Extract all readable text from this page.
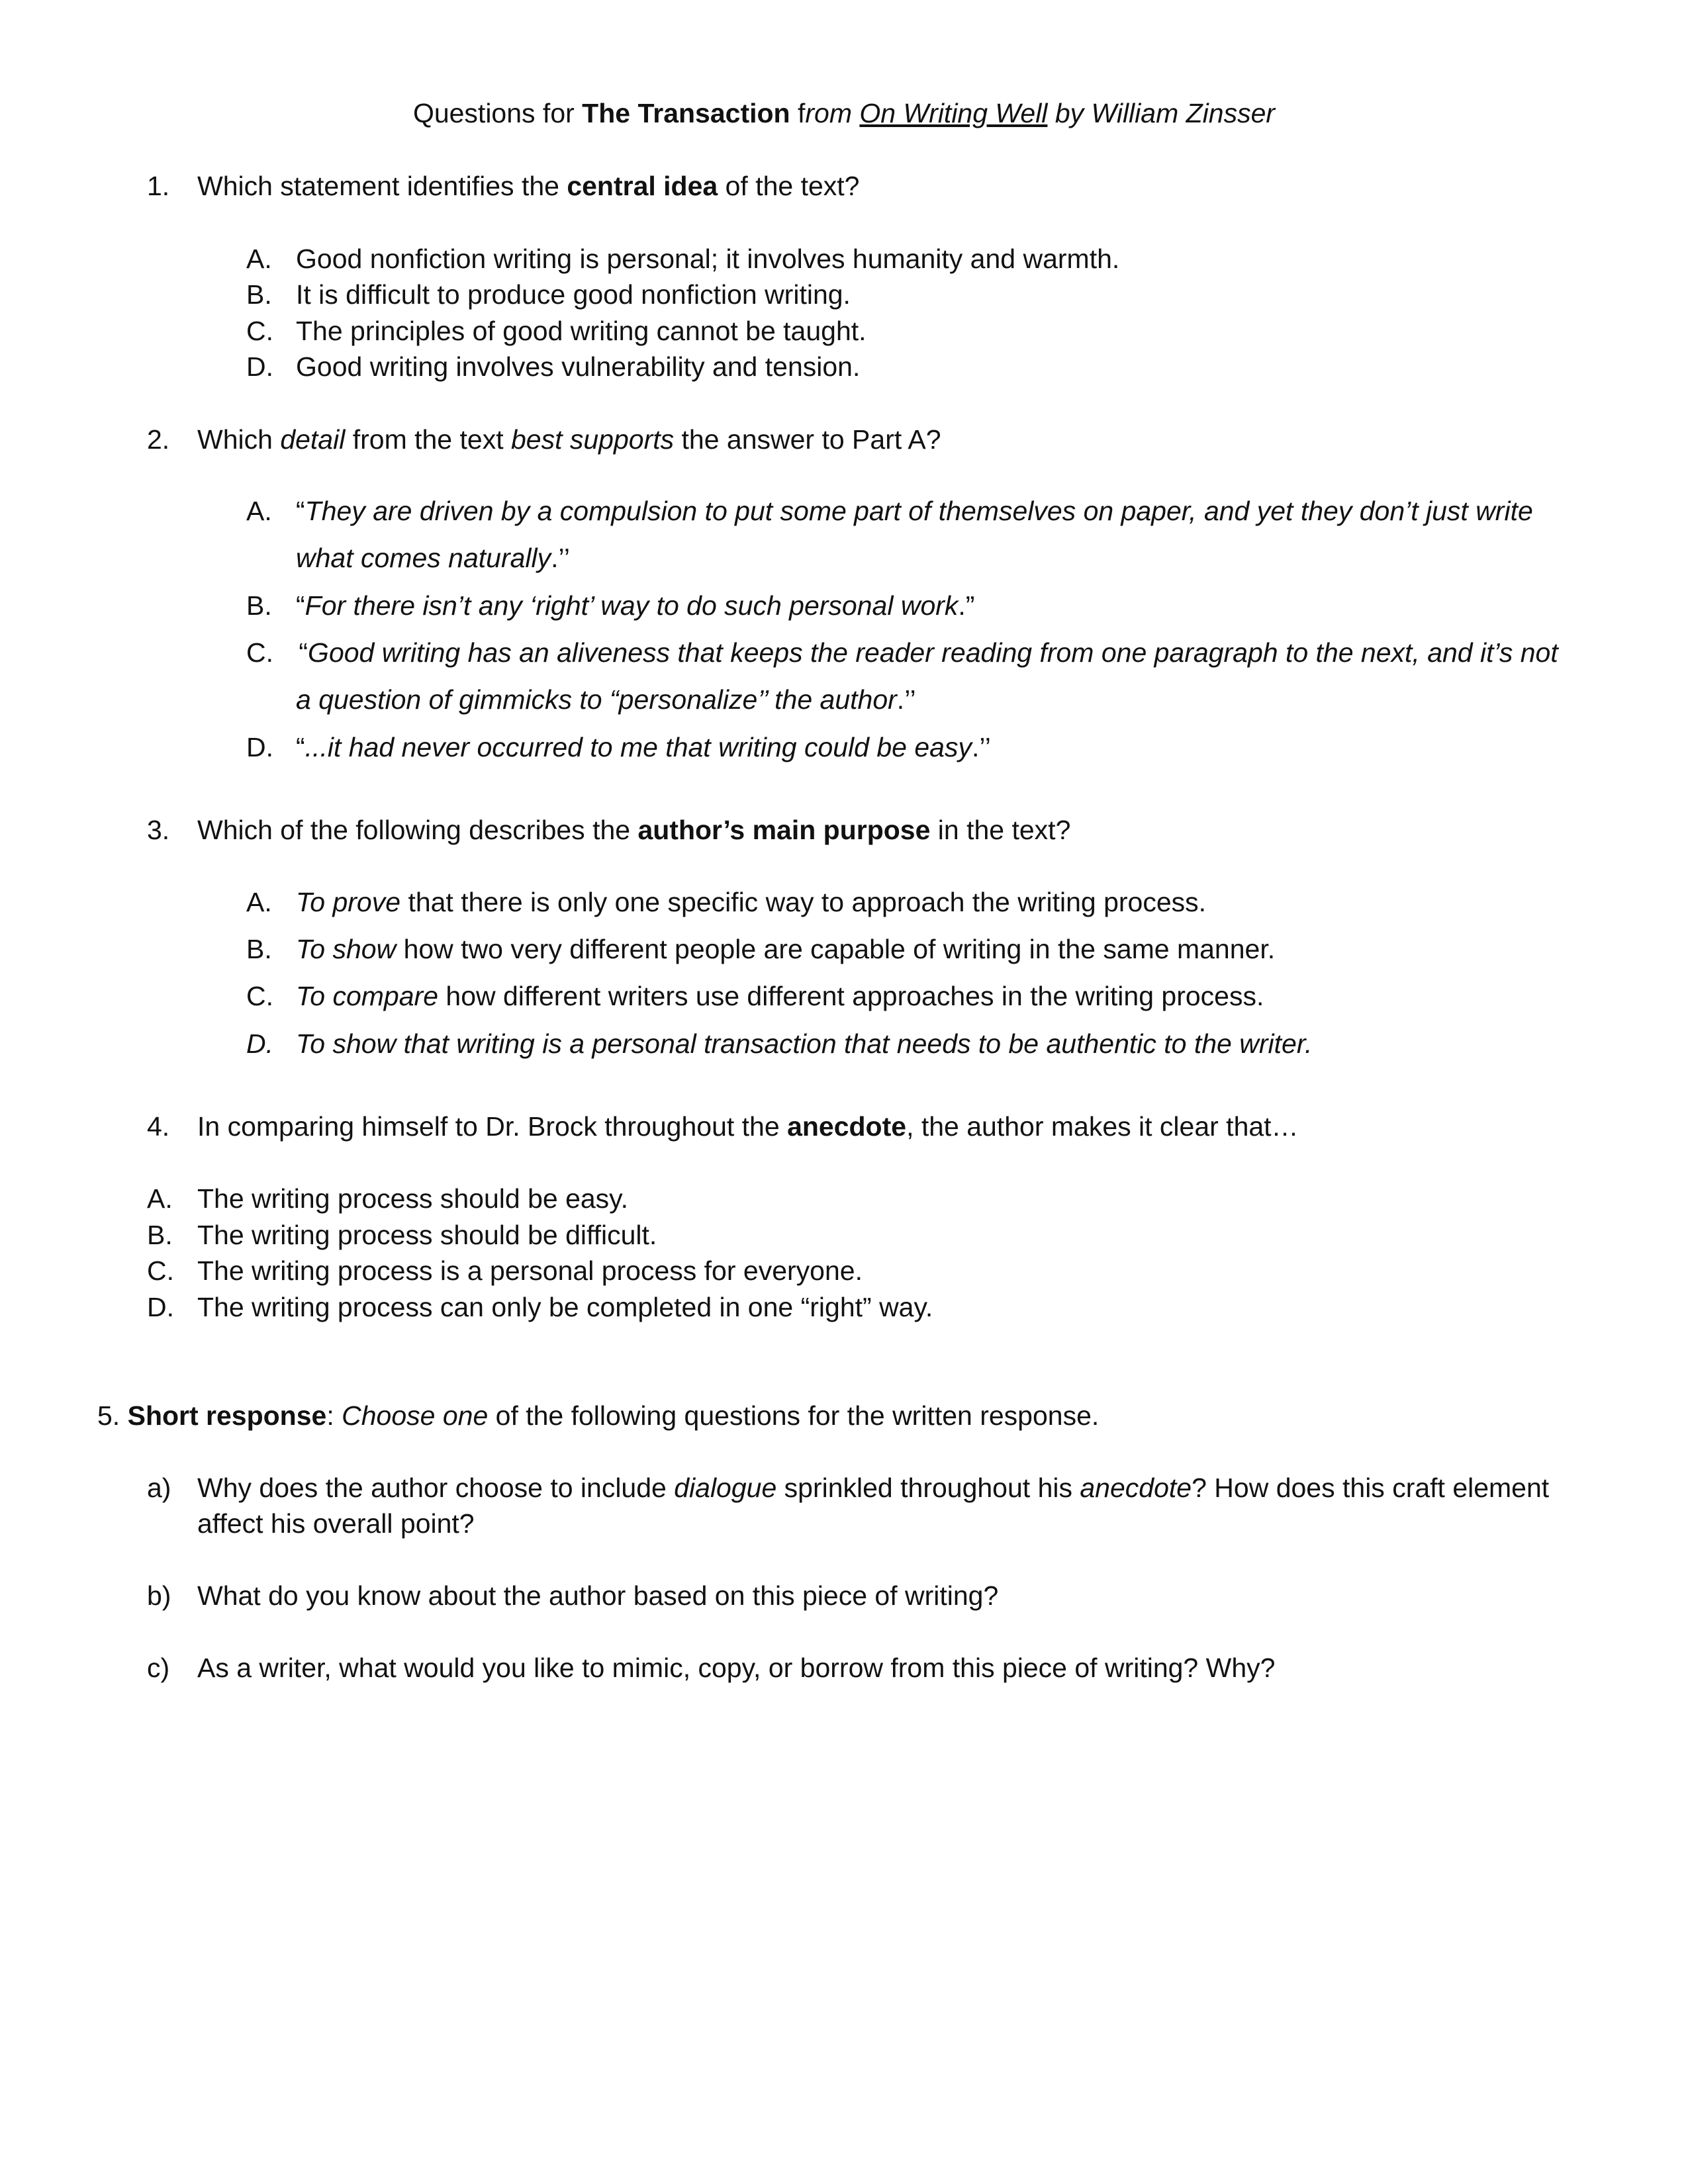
Questions for The Transaction from On Writing Well by William Zinsser
1. Which statement identifies the central idea of the text?
A. Good nonfiction writing is personal; it involves humanity and warmth.
B. It is difficult to produce good nonfiction writing.
C. The principles of good writing cannot be taught.
D. Good writing involves vulnerability and tension.
2. Which detail from the text best supports the answer to Part A?
A. “They are driven by a compulsion to put some part of themselves on paper, and yet they don’t just write
what comes naturally.’’
B. “For there isn’t any ‘right’ way to do such personal work.”
C. “Good writing has an aliveness that keeps the reader reading from one paragraph to the next, and it’s not
a question of gimmicks to “personalize’’ the author.’’
D. “...it had never occurred to me that writing could be easy.’’
3. Which of the following describes the author’s main purpose in the text?
A. To prove that there is only one specific way to approach the writing process.
B. To show how two very different people are capable of writing in the same manner.
C. To compare how different writers use different approaches in the writing process.
D. To show that writing is a personal transaction that needs to be authentic to the writer.
4. In comparing himself to Dr. Brock throughout the anecdote, the author makes it clear that…
A. The writing process should be easy.
B. The writing process should be difficult.
C. The writing process is a personal process for everyone.
D. The writing process can only be completed in one “right” way.
5. Short response: Choose one of the following questions for the written response.
a) Why does the author choose to include dialogue sprinkled throughout his anecdote? How does this craft element
affect his overall point?
b) What do you know about the author based on this piece of writing?
c) As a writer, what would you like to mimic, copy, or borrow from this piece of writing? Why?
